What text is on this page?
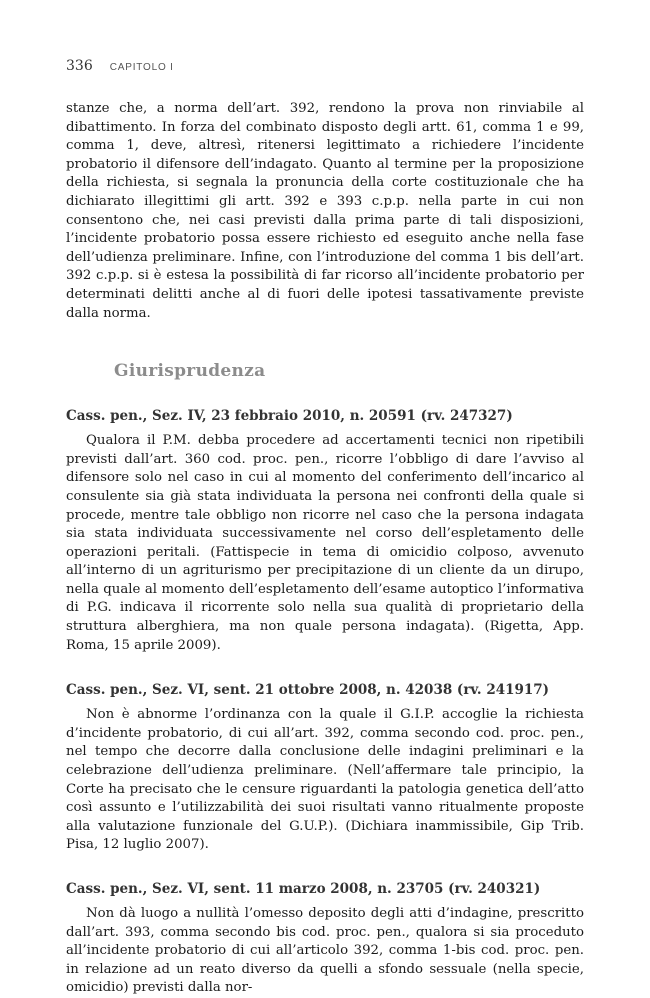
336 CAPITOLO I

stanze che, a norma dell’art. 392, rendono la prova non rinviabile al dibattimento. In forza del combinato disposto degli artt. 61, comma 1 e 99, comma 1, deve, altresì, ritenersi legittimato a richiedere l’incidente probatorio il difensore dell’indagato. Quanto al termine per la proposizione della richiesta, si segnala la pronuncia della corte costituzionale che ha dichiarato illegittimi gli artt. 392 e 393 c.p.p. nella parte in cui non consentono che, nei casi previsti dalla prima parte di tali disposizioni, l’incidente probatorio possa essere richiesto ed eseguito anche nella fase dell’udienza preliminare. Infine, con l’introduzione del comma 1 bis dell’art. 392 c.p.p. si è estesa la possibilità di far ricorso all’incidente probatorio per determinati delitti anche al di fuori delle ipotesi tassativamente previste dalla norma.

Giurisprudenza
Cass. pen., Sez. IV, 23 febbraio 2010, n. 20591 (rv. 247327)

Qualora il P.M. debba procedere ad accertamenti tecnici non ripetibili previsti dall’art. 360 cod. proc. pen., ricorre l’obbligo di dare l’avviso al difensore solo nel caso in cui al momento del conferimento dell’incarico al consulente sia già stata individuata la persona nei confronti della quale si procede, mentre tale obbligo non ricorre nel caso che la persona indagata sia stata individuata successivamente nel corso dell’espletamento delle operazioni peritali. (Fattispecie in tema di omicidio colposo, avvenuto all’interno di un agriturismo per precipitazione di un cliente da un dirupo, nella quale al momento dell’espletamento dell’esame autoptico l’informativa di P.G. indicava il ricorrente solo nella sua qualità di proprietario della struttura alberghiera, ma non quale persona indagata). (Rigetta, App. Roma, 15 aprile 2009).

Cass. pen., Sez. VI, sent. 21 ottobre 2008, n. 42038 (rv. 241917)

Non è abnorme l’ordinanza con la quale il G.I.P. accoglie la richiesta d’incidente probatorio, di cui all’art. 392, comma secondo cod. proc. pen., nel tempo che decorre dalla conclusione delle indagini preliminari e la celebrazione dell’udienza preliminare. (Nell’affermare tale principio, la Corte ha precisato che le censure riguardanti la patologia genetica dell’atto così assunto e l’utilizzabilità dei suoi risultati vanno ritualmente proposte alla valutazione funzionale del G.U.P.). (Dichiara inammissibile, Gip Trib. Pisa, 12 luglio 2007).

Cass. pen., Sez. VI, sent. 11 marzo 2008, n. 23705 (rv. 240321)

Non dà luogo a nullità l’omesso deposito degli atti d’indagine, prescritto dall’art. 393, comma secondo bis cod. proc. pen., qualora si sia proceduto all’incidente probatorio di cui all’articolo 392, comma 1-bis cod. proc. pen. in relazione ad un reato diverso da quelli a sfondo sessuale (nella specie, omicidio) previsti dalla nor-
